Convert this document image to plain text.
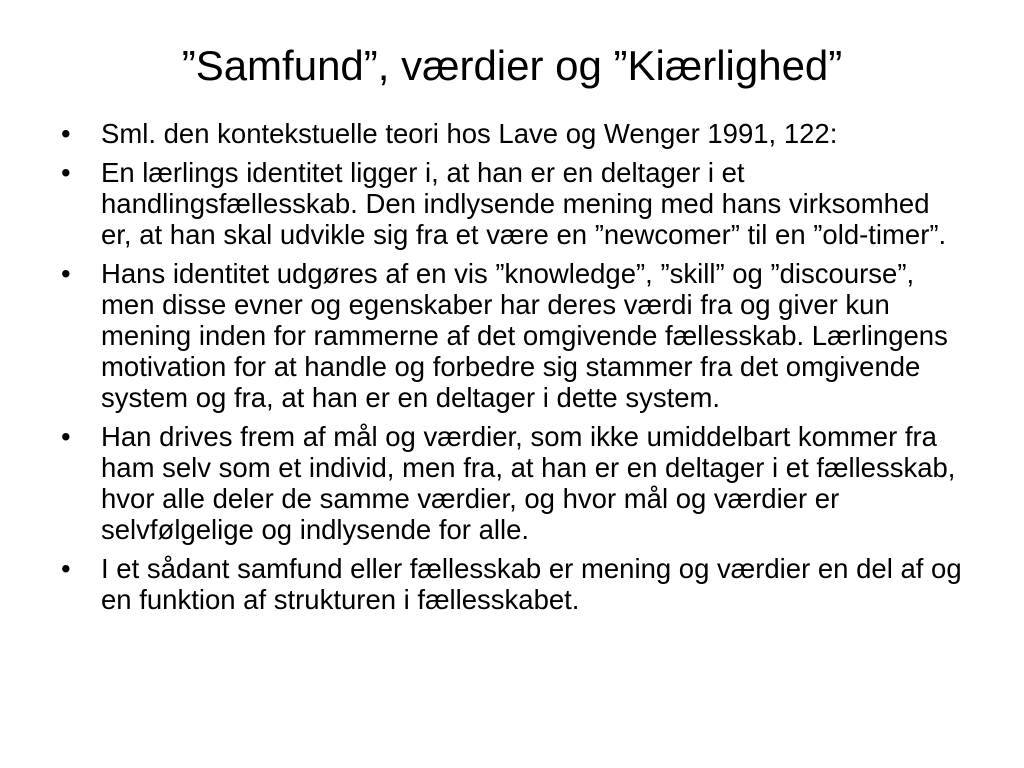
”Samfund”, værdier og ”Kiærlighed”
• Sml. den kontekstuelle teori hos Lave og Wenger 1991, 122:
• En lærlings identitet ligger i, at han er en deltager i et handlingsfællesskab. Den indlysende mening med hans virksomhed er, at han skal udvikle sig fra et være en ”newcomer” til en ”old-timer”.
• Hans identitet udgøres af en vis ”knowledge”, ”skill” og ”discourse”, men disse evner og egenskaber har deres værdi fra og giver kun mening inden for rammerne af det omgivende fællesskab. Lærlingens motivation for at handle og forbedre sig stammer fra det omgivende system og fra, at han er en deltager i dette system.
• Han drives frem af mål og værdier, som ikke umiddelbart kommer fra ham selv som et individ, men fra, at han er en deltager i et fællesskab, hvor alle deler de samme værdier, og hvor mål og værdier er selvfølgelige og indlysende for alle.
• I et sådant samfund eller fællesskab er mening og værdier en del af og en funktion af strukturen i fællesskabet.
